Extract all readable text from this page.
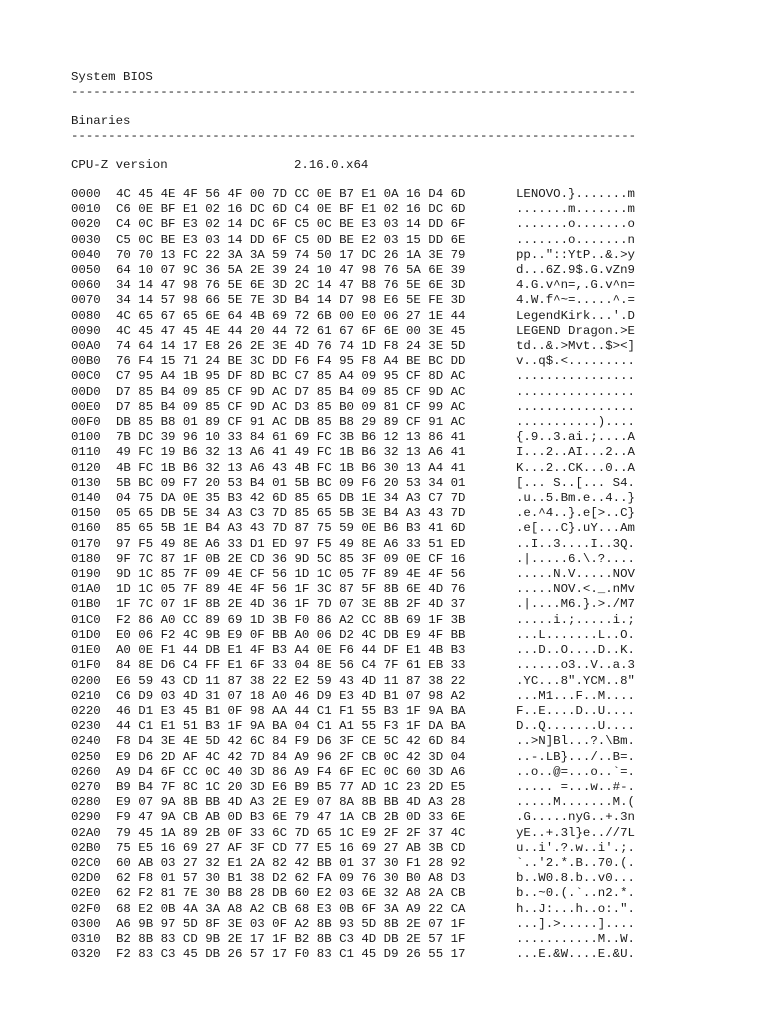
System BIOS
----------------------------------------------------------------------------
Binaries
----------------------------------------------------------------------------
CPU-Z version	2.16.0.x64
0000 4C 45 4E 4F 56 4F 00 7D CC 0E B7 E1 0A 16 D4 6D	LENOVO.}.......m
0010 C6 0E BF E1 02 16 DC 6D C4 0E BF E1 02 16 DC 6D	.......m.......m
0020 C4 0C BF E3 02 14 DC 6F C5 0C BE E3 03 14 DD 6F	.......o.......o
0030 C5 0C BE E3 03 14 DD 6F C5 0D BE E2 03 15 DD 6E	.......o.......n
0040 70 70 13 FC 22 3A 3A 59 74 50 17 DC 26 1A 3E 79	pp.."::YtP..&.>y
0050 64 10 07 9C 36 5A 2E 39 24 10 47 98 76 5A 6E 39	d...6Z.9$.G.vZn9
0060 34 14 47 98 76 5E 6E 3D 2C 14 47 B8 76 5E 6E 3D	4.G.v^n=,.G.v^n=
0070 34 14 57 98 66 5E 7E 3D B4 14 D7 98 E6 5E FE 3D	4.W.f^~=.....^.=
0080 4C 65 67 65 6E 64 4B 69 72 6B 00 E0 06 27 1E 44	LegendKirk...'.D
0090 4C 45 47 45 4E 44 20 44 72 61 67 6F 6E 00 3E 45	LEGEND Dragon.>E
00A0 74 64 14 17 E8 26 2E 3E 4D 76 74 1D F8 24 3E 5D	td..&.>Mvt..$><]
00B0 76 F4 15 71 24 BE 3C DD F6 F4 95 F8 A4 BE BC DD	v..q$.<.........
00C0 C7 95 A4 1B 95 DF 8D BC C7 85 A4 09 95 CF 8D AC	................
00D0 D7 85 B4 09 85 CF 9D AC D7 85 B4 09 85 CF 9D AC	................
00E0 D7 85 B4 09 85 CF 9D AC D3 85 B0 09 81 CF 99 AC	................
00F0 DB 85 B8 01 89 CF 91 AC DB 85 B8 29 89 CF 91 AC	...........)....
0100 7B DC 39 96 10 33 84 61 69 FC 3B B6 12 13 86 41	{.9..3.ai.;....A
0110 49 FC 19 B6 32 13 A6 41 49 FC 1B B6 32 13 A6 41	I...2..AI...2..A
0120 4B FC 1B B6 32 13 A6 43 4B FC 1B B6 30 13 A4 41	K...2..CK...0..A
0130 5B BC 09 F7 20 53 B4 01 5B BC 09 F6 20 53 34 01	[... S..[... S4.
0140 04 75 DA 0E 35 B3 42 6D 85 65 DB 1E 34 A3 C7 7D	.u..5.Bm.e..4..}
0150 05 65 DB 5E 34 A3 C3 7D 85 65 5B 3E B4 A3 43 7D	.e.^4..}.e[>..C}
0160 85 65 5B 1E B4 A3 43 7D 87 75 59 0E B6 B3 41 6D	.e[...C}.uY...Am
0170 97 F5 49 8E A6 33 D1 ED 97 F5 49 8E A6 33 51 ED	..I..3....I..3Q.
0180 9F 7C 87 1F 0B 2E CD 36 9D 5C 85 3F 09 0E CF 16	.|.....6.\.?....
0190 9D 1C 85 7F 09 4E CF 56 1D 1C 05 7F 89 4E 4F 56	.....N.V.....NOV
01A0 1D 1C 05 7F 89 4E 4F 56 1F 3C 87 5F 8B 6E 4D 76	.....NOV.<._.nMv
01B0 1F 7C 07 1F 8B 2E 4D 36 1F 7D 07 3E 8B 2F 4D 37	.|....M6.}.>./M7
01C0 F2 86 A0 CC 89 69 1D 3B F0 86 A2 CC 8B 69 1F 3B	.....i.;.....i.;
01D0 E0 06 F2 4C 9B E9 0F BB A0 06 D2 4C DB E9 4F BB	...L.......L..O.
01E0 A0 0E F1 44 DB E1 4F B3 A4 0E F6 44 DF E1 4B B3	...D..O....D..K.
01F0 84 8E D6 C4 FF E1 6F 33 04 8E 56 C4 7F 61 EB 33	......o3..V..a.3
0200 E6 59 43 CD 11 87 38 22 E2 59 43 4D 11 87 38 22	.YC...8".YCM..8"
0210 C6 D9 03 4D 31 07 18 A0 46 D9 E3 4D B1 07 98 A2	...M1...F..M....
0220 46 D1 E3 45 B1 0F 98 AA 44 C1 F1 55 B3 1F 9A BA	F..E....D..U....
0230 44 C1 E1 51 B3 1F 9A BA 04 C1 A1 55 F3 1F DA BA	D..Q.......U....
0240 F8 D4 3E 4E 5D 42 6C 84 F9 D6 3F CE 5C 42 6D 84	..>N]Bl...?.\Bm.
0250 E9 D6 2D AF 4C 42 7D 84 A9 96 2F CB 0C 42 3D 04	..-.LB}.../..B=.
0260 A9 D4 6F CC 0C 40 3D 86 A9 F4 6F EC 0C 60 3D A6	..o..@=...o..`=.
0270 B9 B4 7F 8C 1C 20 3D E6 B9 B5 77 AD 1C 23 2D E5	..... =...w..#-.
0280 E9 07 9A 8B BB 4D A3 2E E9 07 8A 8B BB 4D A3 28	.....M.......M.(
0290 F9 47 9A CB AB 0D B3 6E 79 47 1A CB 2B 0D 33 6E	.G.....nyG..+.3n
02A0 79 45 1A 89 2B 0F 33 6C 7D 65 1C E9 2F 2F 37 4C	yE..+.3l}e..//7L
02B0 75 E5 16 69 27 AF 3F CD 77 E5 16 69 27 AB 3B CD	u..i'.?.w..i'.;.
02C0 60 AB 03 27 32 E1 2A 82 42 BB 01 37 30 F1 28 92	`..'2.*.B..70.(.
02D0 62 F8 01 57 30 B1 38 D2 62 FA 09 76 30 B0 A8 D3	b..W0.8.b..v0...
02E0 62 F2 81 7E 30 B8 28 DB 60 E2 03 6E 32 A8 2A CB	b..~0.(.`..n2.*.
02F0 68 E2 0B 4A 3A A8 A2 CB 68 E3 0B 6F 3A A9 22 CA	h..J:...h..o:.".
0300 A6 9B 97 5D 8F 3E 03 0F A2 8B 93 5D 8B 2E 07 1F	...].>.....]....
0310 B2 8B 83 CD 9B 2E 17 1F B2 8B C3 4D DB 2E 57 1F	...........M..W.
0320 F2 83 C3 45 DB 26 57 17 F0 83 C1 45 D9 26 55 17	...E.&W....E.&U.
